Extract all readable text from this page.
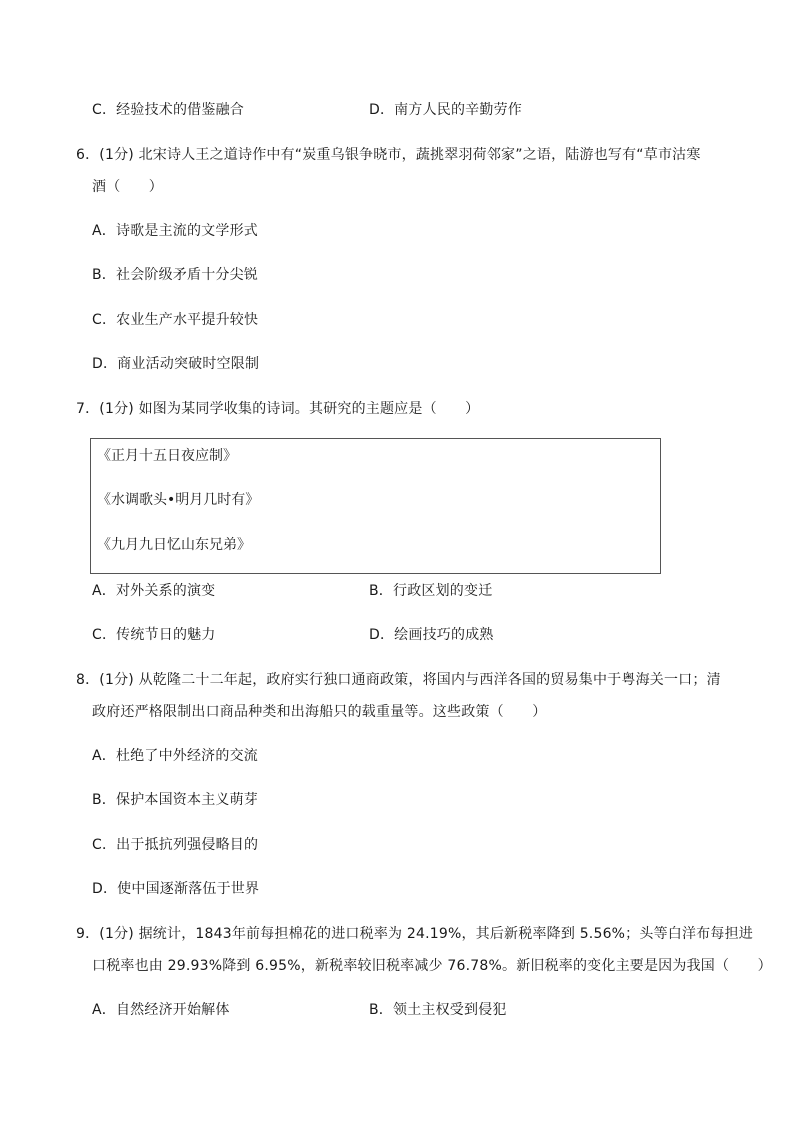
C．经验技术的借鉴融合	D．南方人民的辛勤劳作
6．(1分) 北宋诗人王之道诗作中有“炭重乌银争晓市，蔬挑翠羽荷邻家”之语，陆游也写有“草市沽寒
酒（　　）
A．诗歌是主流的文学形式
B．社会阶级矛盾十分尖锐
C．农业生产水平提升较快
D．商业活动突破时空限制
7．(1分) 如图为某同学收集的诗词。其研究的主题应是（　　）
《正月十五日夜应制》
《水调歌头•明月几时有》
《九月九日忆山东兄弟》
A．对外关系的演变	B．行政区划的变迁
C．传统节日的魅力	D．绘画技巧的成熟
8．(1分) 从乾隆二十二年起，政府实行独口通商政策，将国内与西洋各国的贸易集中于粤海关一口；清
政府还严格限制出口商品种类和出海船只的载重量等。这些政策（　　）
A．杜绝了中外经济的交流
B．保护本国资本主义萌芽
C．出于抵抗列强侵略目的
D．使中国逐渐落伍于世界
9．(1分) 据统计，1843年前每担棉花的进口税率为 24.19%，其后新税率降到 5.56%；头等白洋布每担进
口税率也由 29.93%降到 6.95%，新税率较旧税率减少 76.78%。新旧税率的变化主要是因为我国（　　）
A．自然经济开始解体	B．领土主权受到侵犯
